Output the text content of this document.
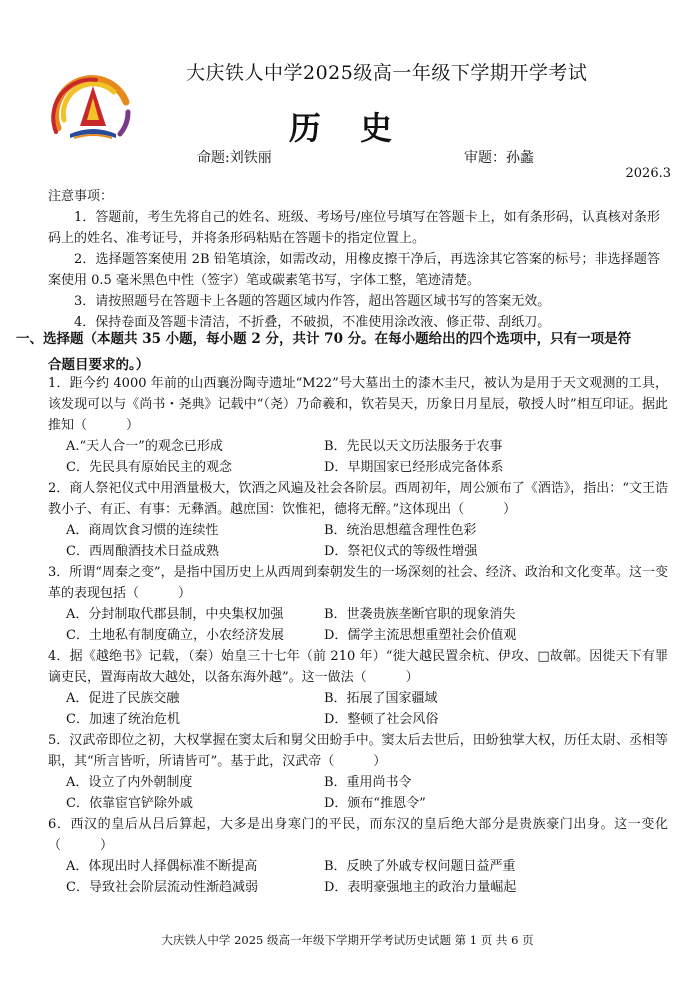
大庆铁人中学2025级高一年级下学期开学考试
历 史
命题:刘铁丽	审题：孙蠡
2026.3
注意事项：

1．答题前，考生先将自己的姓名、班级、考场号/座位号填写在答题卡上，如有条形码，认真核对条形码上的姓名、准考证号，并将条形码粘贴在答题卡的指定位置上。

2．选择题答案使用 2B 铅笔填涂，如需改动，用橡皮擦干净后，再选涂其它答案的标号；非选择题答案使用 0.5 毫米黑色中性（签字）笔或碳素笔书写，字体工整，笔迹清楚。

3．请按照题号在答题卡上各题的答题区域内作答，超出答题区域书写的答案无效。

4．保持卷面及答题卡清洁，不折叠，不破损，不准使用涂改液、修正带、刮纸刀。

一、选择题（本题共 35 小题，每小题 2 分，共计 70 分。在每小题给出的四个选项中，只有一项是符
合题目要求的。）

1．距今约 4000 年前的山西襄汾陶寺遗址“M22”号大墓出土的漆木圭尺，被认为是用于天文观测的工具，该发现可以与《尚书・尧典》记载中“（尧）乃命羲和，钦若昊天，历象日月星辰，敬授人时”相互印证。据此推知（　　　）

A.“天人合一”的观念已形成	B．先民以天文历法服务于农事
C．先民具有原始民主的观念	D．早期国家已经形成完备体系

2．商人祭祀仪式中用酒量极大，饮酒之风遍及社会各阶层。西周初年，周公颁布了《酒诰》，指出：“文王诰教小子、有正、有事：无彝酒。越庶国：饮惟祀，德将无醉。”这体现出（　　　）

A．商周饮食习惯的连续性	B．统治思想蕴含理性色彩
C．西周酿酒技术日益成熟	D．祭祀仪式的等级性增强

3．所谓“周秦之变”，是指中国历史上从西周到秦朝发生的一场深刻的社会、经济、政治和文化变革。这一变革的表现包括（　　　）

A．分封制取代郡县制，中央集权加强	B．世袭贵族垄断官职的现象消失
C．土地私有制度确立，小农经济发展	D．儒学主流思想重塑社会价值观

4．据《越绝书》记载，（秦）始皇三十七年（前 210 年）“徙大越民置余杭、伊攻、□故鄣。因徙天下有罪谪吏民，置海南故大越处，以备东海外越”。这一做法（　　　）

A．促进了民族交融	B．拓展了国家疆域
C．加速了统治危机	D．整顿了社会风俗

5．汉武帝即位之初，大权掌握在窦太后和舅父田蚡手中。窦太后去世后，田蚡独掌大权，历任太尉、丞相等职，其“所言皆听，所请皆可”。基于此，汉武帝（　　　）

A．设立了内外朝制度	B．重用尚书令
C．依靠宦官铲除外戚	D．颁布“推恩令”

6．西汉的皇后从吕后算起，大多是出身寒门的平民，而东汉的皇后绝大部分是贵族豪门出身。这一变化（　　　）

A．体现出时人择偶标准不断提高	B．反映了外戚专权问题日益严重
C．导致社会阶层流动性渐趋减弱	D．表明豪强地主的政治力量崛起
大庆铁人中学 2025 级高一年级下学期开学考试历史试题 第 1 页 共 6 页
